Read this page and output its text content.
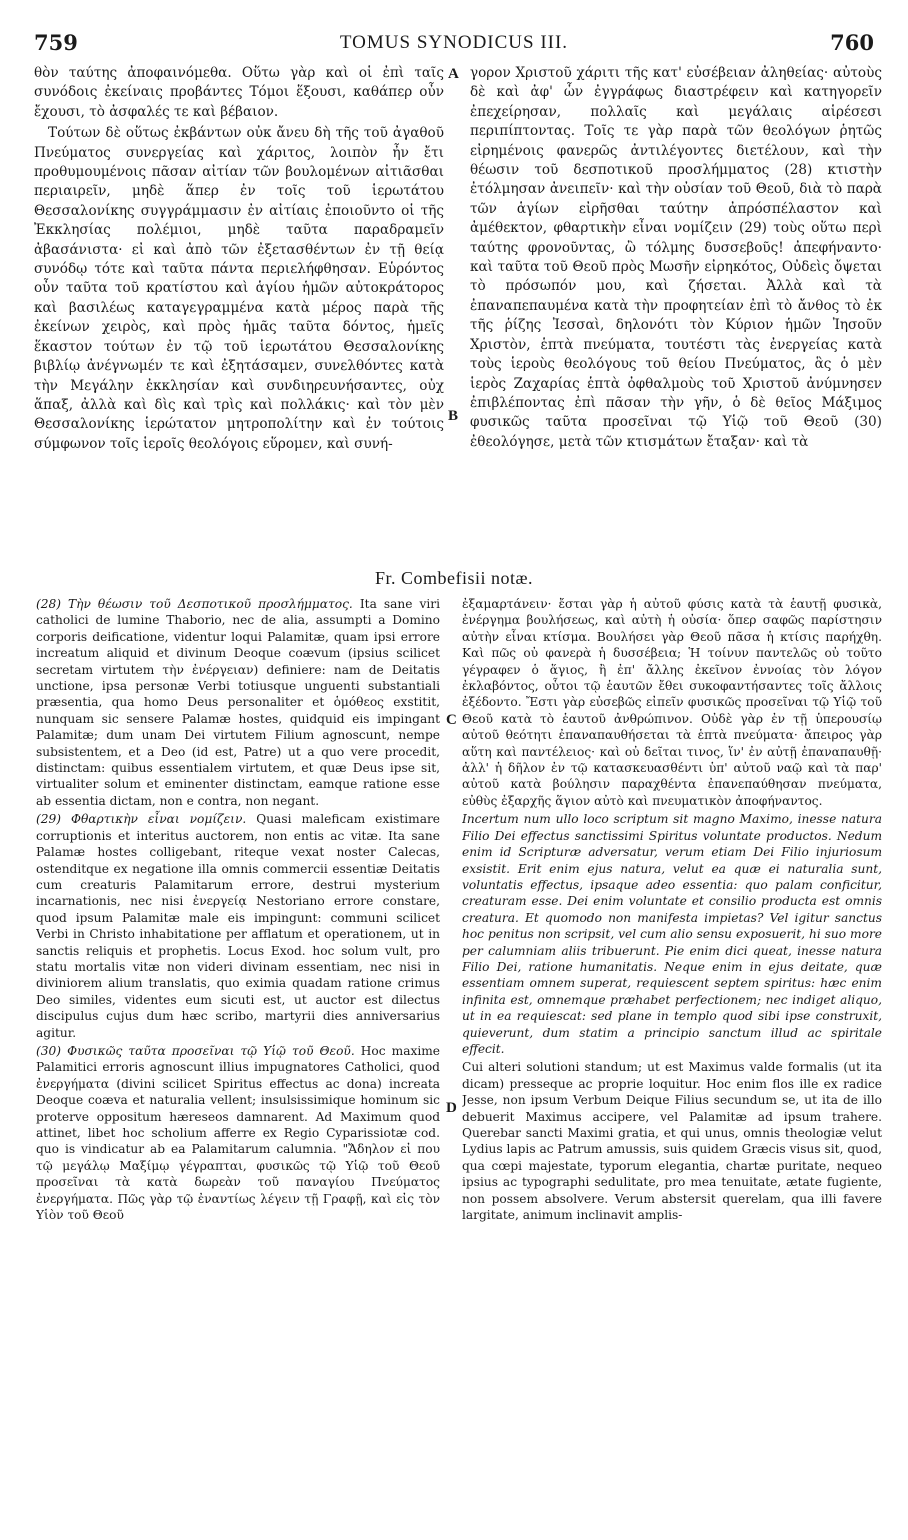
759	TOMUS SYNODICUS III.	760

θὸν ταύτης ἀποφαινόμεθα. Οὕτω γὰρ καὶ οἱ ἐπὶ ταῖς συνόδοις ἐκείναις προβάντες Τόμοι ἕξουσι, καθάπερ οὖν ἔχουσι, τὸ ἀσφαλές τε καὶ βέβαιον.

Τούτων δὲ οὕτως ἐκβάντων οὐκ ἄνευ δὴ τῆς τοῦ ἀγαθοῦ Πνεύματος συνεργείας καὶ χάριτος, λοιπὸν ἦν ἔτι προθυμουμένοις πᾶσαν αἰτίαν τῶν βουλομένων αἰτιᾶσθαι περιαιρεῖν, μηδὲ ἅπερ ἐν τοῖς τοῦ ἱερωτάτου Θεσσαλονίκης συγγράμμασιν ἐν αἰτίαις ἐποιοῦντο οἱ τῆς Ἐκκλησίας πολέμιοι, μηδὲ ταῦτα παραδραμεῖν ἀβασάνιστα· εἰ καὶ ἀπὸ τῶν ἐξετασθέντων ἐν τῇ θείᾳ συνόδῳ τότε καὶ ταῦτα πάντα περιελήφθησαν. Εὑρόντος οὖν ταῦτα τοῦ κρατίστου καὶ ἁγίου ἡμῶν αὐτοκράτορος καὶ βασιλέως καταγεγραμμένα κατὰ μέρος παρὰ τῆς ἐκείνων χειρὸς, καὶ πρὸς ἡμᾶς ταῦτα δόντος, ἡμεῖς ἕκαστον τούτων ἐν τῷ τοῦ ἱερωτάτου Θεσσαλονίκης βιβλίῳ ἀνέγνωμέν τε καὶ ἐξητάσαμεν, συνελθόντες κατὰ τὴν Μεγάλην ἐκκλησίαν καὶ συνδιηρευνήσαντες, οὐχ ἅπαξ, ἀλλὰ καὶ δὶς καὶ τρὶς καὶ πολλάκις· καὶ τὸν μὲν Θεσσαλονίκης ἱερώτατον μητροπολίτην καὶ ἐν τούτοις σύμφωνον τοῖς ἱεροῖς θεολόγοις εὕρομεν, καὶ συνή-

A
B

γορον Χριστοῦ χάριτι τῆς κατ' εὐσέβειαν ἀληθείας· αὐτοὺς δὲ καὶ ἀφ' ὧν ἐγγράφως διαστρέφειν καὶ κατηγορεῖν ἐπεχείρησαν, πολλαῖς καὶ μεγάλαις αἱρέσεσι περιπίπτοντας. Τοῖς τε γὰρ παρὰ τῶν θεολόγων ῥητῶς εἰρημένοις φανερῶς ἀντιλέγοντες διετέλουν, καὶ τὴν θέωσιν τοῦ δεσποτικοῦ προσλήμματος (28) κτιστὴν ἐτόλμησαν ἀνειπεῖν· καὶ τὴν οὐσίαν τοῦ Θεοῦ, διὰ τὸ παρὰ τῶν ἁγίων εἰρῆσθαι ταύτην ἀπρόσπέλαστον καὶ ἀμέθεκτον, φθαρτικὴν εἶναι νομίζειν (29) τοὺς οὕτω περὶ ταύτης φρονοῦντας, ὢ τόλμης δυσσεβοῦς! ἀπεφήναντο· καὶ ταῦτα τοῦ Θεοῦ πρὸς Μωσῆν εἰρηκότος, Οὐδεὶς ὄψεται τὸ πρόσωπόν μου, καὶ ζήσεται. Ἀλλὰ καὶ τὰ ἐπαναπεπαυμένα κατὰ τὴν προφητείαν ἐπὶ τὸ ἄνθος τὸ ἐκ τῆς ῥίζης Ἰεσσαὶ, δηλονότι τὸν Κύριον ἡμῶν Ἰησοῦν Χριστὸν, ἑπτὰ πνεύματα, τουτέστι τὰς ἐνεργείας κατὰ τοὺς ἱεροὺς θεολόγους τοῦ θείου Πνεύματος, ἃς ὁ μὲν ἱερὸς Ζαχαρίας ἑπτὰ ὀφθαλμοὺς τοῦ Χριστοῦ ἀνύμνησεν ἐπιβλέποντας ἐπὶ πᾶσαν τὴν γῆν, ὁ δὲ θεῖος Μάξιμος φυσικῶς ταῦτα προσεῖναι τῷ Υἱῷ τοῦ Θεοῦ (30) ἐθεολόγησε, μετὰ τῶν κτισμάτων ἔταξαν· καὶ τὰ

Fr. Combefisii notæ.

(28) Τὴν θέωσιν τοῦ Δεσποτικοῦ προσλήμματος. Ita sane viri catholici de lumine Thaborio, nec de alia, assumpti a Domino corporis deificatione, videntur loqui Palamitæ, quam ipsi errore increatum aliquid et divinum Deoque coævum (ipsius scilicet secretam virtutem τὴν ἐνέργειαν) definiere: nam de Deitatis unctione, ipsa personæ Verbi totiusque unguenti substantiali præsentia, qua homo Deus personaliter et ὁμόθεος exstitit, nunquam sic sensere Palamæ hostes, quidquid eis impingant Palamitæ; dum unam Dei virtutem Filium agnoscunt, nempe subsistentem, et a Deo (id est, Patre) ut a quo vere procedit, distinctam: quibus essentialem virtutem, et quæ Deus ipse sit, virtualiter solum et eminenter distinctam, eamque ratione esse ab essentia dictam, non e contra, non negant.

(29) Φθαρτικὴν εἶναι νομίζειν. Quasi maleficam existimare corruptionis et interitus auctorem, non entis ac vitæ. Ita sane Palamæ hostes colligebant, riteque vexat noster Calecas, ostenditque ex negatione illa omnis commercii essentiæ Deitatis cum creaturis Palamitarum errore, destrui mysterium incarnationis, nec nisi ἐνεργείᾳ Nestoriano errore constare, quod ipsum Palamitæ male eis impingunt: communi scilicet Verbi in Christo inhabitatione per afflatum et operationem, ut in sanctis reliquis et prophetis. Locus Exod. hoc solum vult, pro statu mortalis vitæ non videri divinam essentiam, nec nisi in diviniorem alium translatis, quo eximia quadam ratione crimus Deo similes, videntes eum sicuti est, ut auctor est dilectus discipulus cujus dum hæc scribo, martyrii dies anniversarius agitur.

(30) Φυσικῶς ταῦτα προσεῖναι τῷ Υἱῷ τοῦ Θεοῦ. Hoc maxime Palamitici erroris agnoscunt illius impugnatores Catholici, quod ἐνεργήματα (divini scilicet Spiritus effectus ac dona) increata Deoque coæva et naturalia vellent; insulsissimique hominum sic proterve oppositum hæreseos damnarent. Ad Maximum quod attinet, libet hoc scholium afferre ex Regio Cyparissiotæ cod. quo is vindicatur ab ea Palamitarum calumnia. "Ἄδηλον εἰ που τῷ μεγάλῳ Μαξίμῳ γέγραπται, φυσικῶς τῷ Υἱῷ τοῦ Θεοῦ προσεῖναι τὰ κατὰ δωρεὰν τοῦ παναγίου Πνεύματος ἐνεργήματα. Πῶς γὰρ τῷ ἐναντίως λέγειν τῇ Γραφῇ, καὶ εἰς τὸν Υἱὸν τοῦ Θεοῦ

C
D

ἐξαμαρτάνειν· ἔσται γὰρ ἡ αὐτοῦ φύσις κατὰ τὰ ἑαυτῇ φυσικὰ, ἐνέργημα βουλήσεως, καὶ αὐτὴ ἡ οὐσία· ὅπερ σαφῶς παρίστησιν αὐτὴν εἶναι κτίσμα. Βουλήσει γὰρ Θεοῦ πᾶσα ἡ κτίσις παρήχθη. Καὶ πῶς οὐ φανερὰ ἡ δυσσέβεια; Ἡ τοίνυν παντελῶς οὐ τοῦτο γέγραφεν ὁ ἅγιος, ἢ ἐπ' ἄλλης ἐκεῖνον ἐννοίας τὸν λόγον ἐκλαβόντος, οὗτοι τῷ ἑαυτῶν ἔθει συκοφαντήσαντες τοῖς ἄλλοις ἐξέδοντο. Ἔστι γὰρ εὐσεβῶς εἰπεῖν φυσικῶς προσεῖναι τῷ Υἱῷ τοῦ Θεοῦ κατὰ τὸ ἑαυτοῦ ἀνθρώπινον. Οὐδὲ γὰρ ἐν τῇ ὑπερουσίῳ αὐτοῦ θεότητι ἐπαναπαυθήσεται τὰ ἑπτὰ πνεύματα· ἄπειρος γὰρ αὕτη καὶ παντέλειος· καὶ οὐ δεῖται τινος, ἵν' ἐν αὐτῇ ἐπαναπαυθῇ· ἀλλ' ἡ δῆλον ἐν τῷ κατασκευασθέντι ὑπ' αὐτοῦ ναῷ καὶ τὰ παρ' αὐτοῦ κατὰ βούλησιν παραχθέντα ἐπανεπαύθησαν πνεύματα, εὐθὺς ἐξαρχῆς ἅγιον αὐτὸ καὶ πνευματικὸν ἀποφήναντος.

Incertum num ullo loco scriptum sit magno Maximo, inesse natura Filio Dei effectus sanctissimi Spiritus voluntate productos. Nedum enim id Scripturæ adversatur, verum etiam Dei Filio injuriosum exsistit. Erit enim ejus natura, velut ea quæ ei naturalia sunt, voluntatis effectus, ipsaque adeo essentia: quo palam conficitur, creaturam esse. Dei enim voluntate et consilio producta est omnis creatura. Et quomodo non manifesta impietas? Vel igitur sanctus hoc penitus non scripsit, vel cum alio sensu exposuerit, hi suo more per calumniam aliis tribuerunt. Pie enim dici queat, inesse natura Filio Dei, ratione humanitatis. Neque enim in ejus deitate, quæ essentiam omnem superat, requiescent septem spiritus: hæc enim infinita est, omnemque præhabet perfectionem; nec indiget aliquo, ut in ea requiescat: sed plane in templo quod sibi ipse construxit, quieverunt, dum statim a principio sanctum illud ac spiritale effecit.

Cui alteri solutioni standum; ut est Maximus valde formalis (ut ita dicam) presseque ac proprie loquitur. Hoc enim flos ille ex radice Jesse, non ipsum Verbum Deique Filius secundum se, ut ita de illo debuerit Maximus accipere, vel Palamitæ ad ipsum trahere. Querebar sancti Maximi gratia, et qui unus, omnis theologiæ velut Lydius lapis ac Patrum amussis, suis quidem Græcis visus sit, quod, qua cœpi majestate, typorum elegantia, chartæ puritate, nequeo ipsius ac typographi sedulitate, pro mea tenuitate, ætate fugiente, non possem absolvere. Verum abstersit querelam, qua illi favere largitate, animum inclinavit amplis-
